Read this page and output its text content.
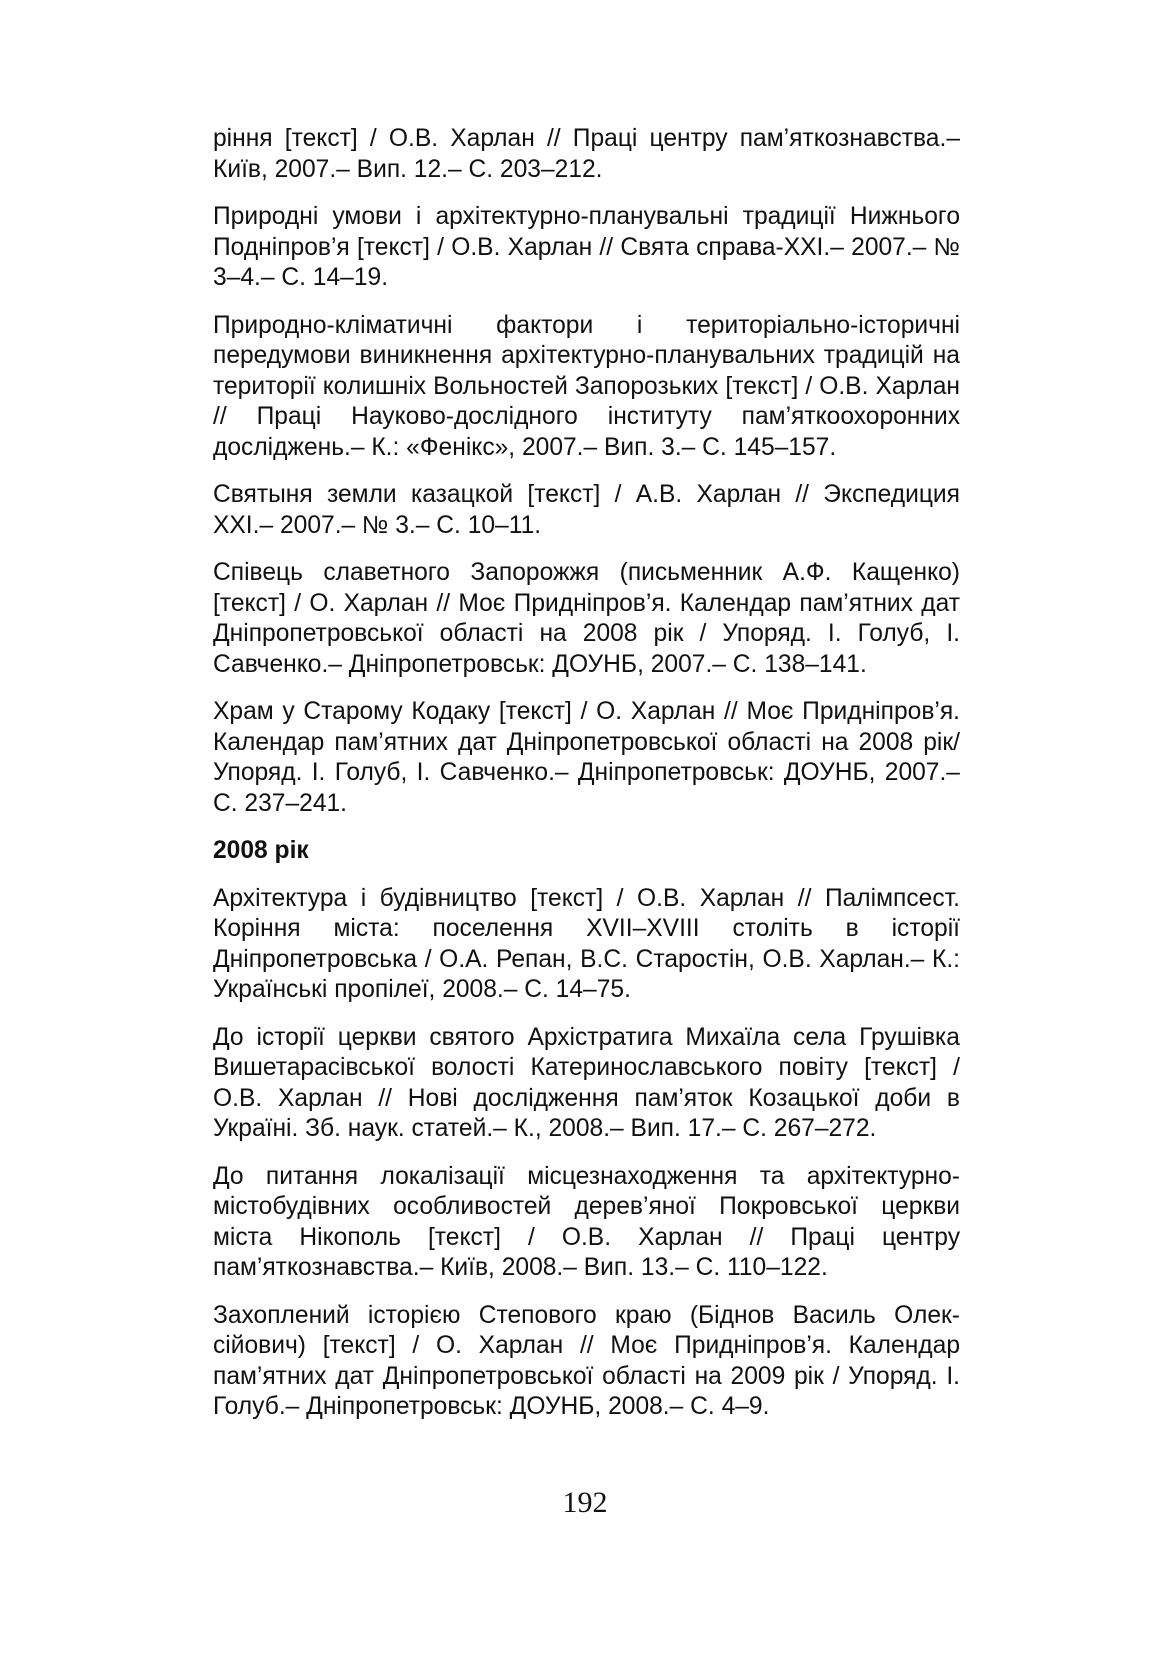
ріння [текст] / О.В. Харлан // Праці центру пам’яткознавства.– Київ, 2007.– Вип. 12.– С. 203–212.

Природні умови і архітектурно-планувальні традиції Нижнього Подніпров’я [текст] / О.В. Харлан // Свята справа-XXI.– 2007.– № 3–4.– С. 14–19.

Природно-кліматичні фактори і територіально-історичні передумови виникнення архітектурно-планувальних традицій на території колишніх Вольностей Запорозьких [текст] / О.В. Харлан // Праці Науково-дослідного інституту пам’яткоохоронних досліджень.– К.: «Фенікс», 2007.– Вип. 3.– С. 145–157.

Святыня земли казацкой [текст] / А.В. Харлан // Экспедиция XXI.– 2007.– № 3.– С. 10–11.

Співець славетного Запорожжя (письменник А.Ф. Кащенко) [текст] / О. Харлан // Моє Придніпров’я. Календар пам’ятних дат Дніпропетровської області на 2008 рік / Упоряд. І. Голуб, І. Савченко.– Дніпропетровськ: ДОУНБ, 2007.– С. 138–141.

Храм у Старому Кодаку [текст] / О. Харлан // Моє Придніпров’я. Календар пам’ятних дат Дніпропетровської області на 2008 рік/ Упоряд. І. Голуб, І. Савченко.– Дніпропетровськ: ДОУНБ, 2007.– С. 237–241.

2008 рік

Архітектура і будівництво [текст] / О.В. Харлан // Палімпсест. Коріння міста: поселення XVII–XVIII століть в історії Дніпропетровська / О.А. Репан, В.С. Старостін, О.В. Харлан.– К.: Українські пропілеї, 2008.– С. 14–75.

До історії церкви святого Архістратига Михаїла села Грушівка Вишетарасівської волості Катеринославського повіту [текст] / О.В. Харлан // Нові дослідження пам’яток Козацької доби в Україні. Зб. наук. статей.– К., 2008.– Вип. 17.– С. 267–272.

До питання локалізації місцезнаходження та архітектурно-містобудівних особливостей дерев’яної Покровської церкви міста Нікополь [текст] / О.В. Харлан // Праці центру пам’яткознавства.– Київ, 2008.– Вип. 13.– С. 110–122.

Захоплений історією Степового краю (Біднов Василь Олексійович) [текст] / О. Харлан // Моє Придніпров’я. Календар пам’ятних дат Дніпропетровської області на 2009 рік / Упоряд. І. Голуб.– Дніпропетровськ: ДОУНБ, 2008.– С. 4–9.

192
